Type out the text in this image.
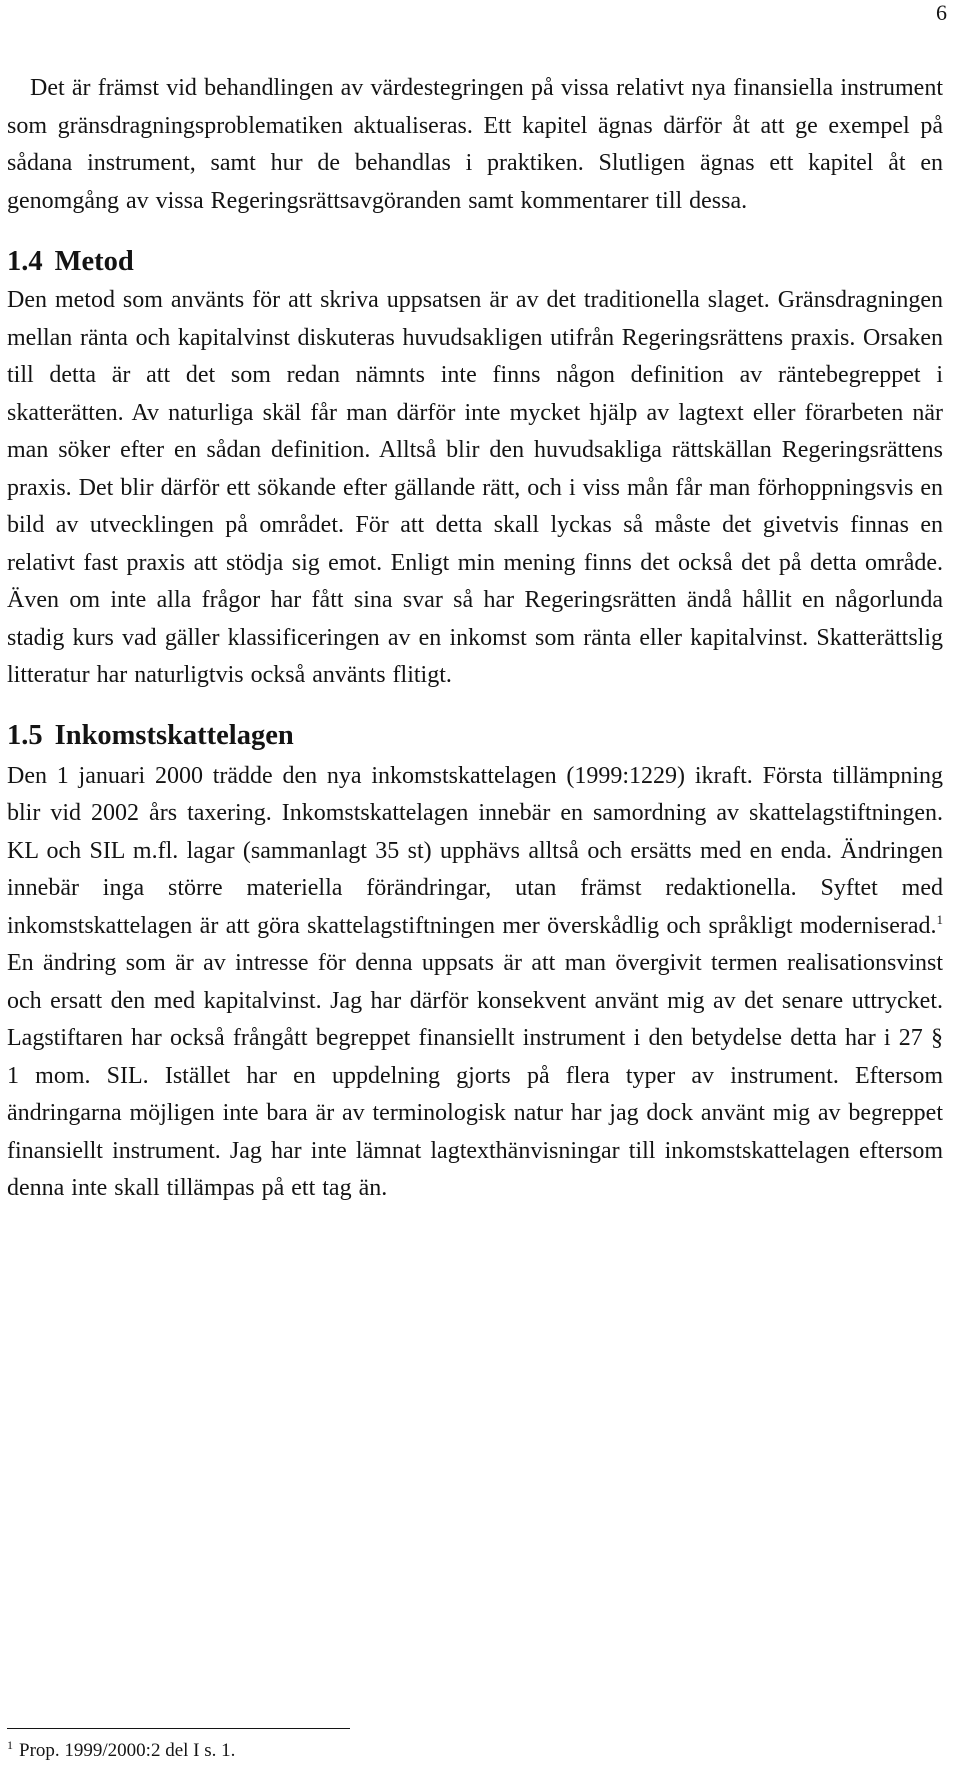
6

Det är främst vid behandlingen av värdestegringen på vissa relativt nya finansiella instrument som gränsdragningsproblematiken aktualiseras. Ett kapitel ägnas därför åt att ge exempel på sådana instrument, samt hur de behandlas i praktiken. Slutligen ägnas ett kapitel åt en genomgång av vissa Regeringsrättsavgöranden samt kommentarer till dessa.

1.4 Metod

Den metod som använts för att skriva uppsatsen är av det traditionella slaget. Gränsdragningen mellan ränta och kapitalvinst diskuteras huvudsakligen utifrån Regeringsrättens praxis. Orsaken till detta är att det som redan nämnts inte finns någon definition av räntebegreppet i skatterätten. Av naturliga skäl får man därför inte mycket hjälp av lagtext eller förarbeten när man söker efter en sådan definition. Alltså blir den huvudsakliga rättskällan Regeringsrättens praxis. Det blir därför ett sökande efter gällande rätt, och i viss mån får man förhoppningsvis en bild av utvecklingen på området. För att detta skall lyckas så måste det givetvis finnas en relativt fast praxis att stödja sig emot. Enligt min mening finns det också det på detta område. Även om inte alla frågor har fått sina svar så har Regeringsrätten ändå hållit en någorlunda stadig kurs vad gäller klassificeringen av en inkomst som ränta eller kapitalvinst. Skatterättslig litteratur har naturligtvis också använts flitigt.

1.5 Inkomstskattelagen

Den 1 januari 2000 trädde den nya inkomstskattelagen (1999:1229) ikraft. Första tillämpning blir vid 2002 års taxering. Inkomstskattelagen innebär en samordning av skattelagstiftningen. KL och SIL m.fl. lagar (sammanlagt 35 st) upphävs alltså och ersätts med en enda. Ändringen innebär inga större materiella förändringar, utan främst redaktionella. Syftet med inkomstskattelagen är att göra skattelagstiftningen mer överskådlig och språkligt moderniserad.$^1$ En ändring som är av intresse för denna uppsats är att man övergivit termen realisationsvinst och ersatt den med kapitalvinst. Jag har därför konsekvent använt mig av det senare uttrycket. Lagstiftaren har också frångått begreppet finansiellt instrument i den betydelse detta har i 27 § 1 mom. SIL. Istället har en uppdelning gjorts på flera typer av instrument. Eftersom ändringarna möjligen inte bara är av terminologisk natur har jag dock använt mig av begreppet finansiellt instrument. Jag har inte lämnat lagtexthänvisningar till inkomstskattelagen eftersom denna inte skall tillämpas på ett tag än.

$^1$ Prop. 1999/2000:2 del I s. 1.
